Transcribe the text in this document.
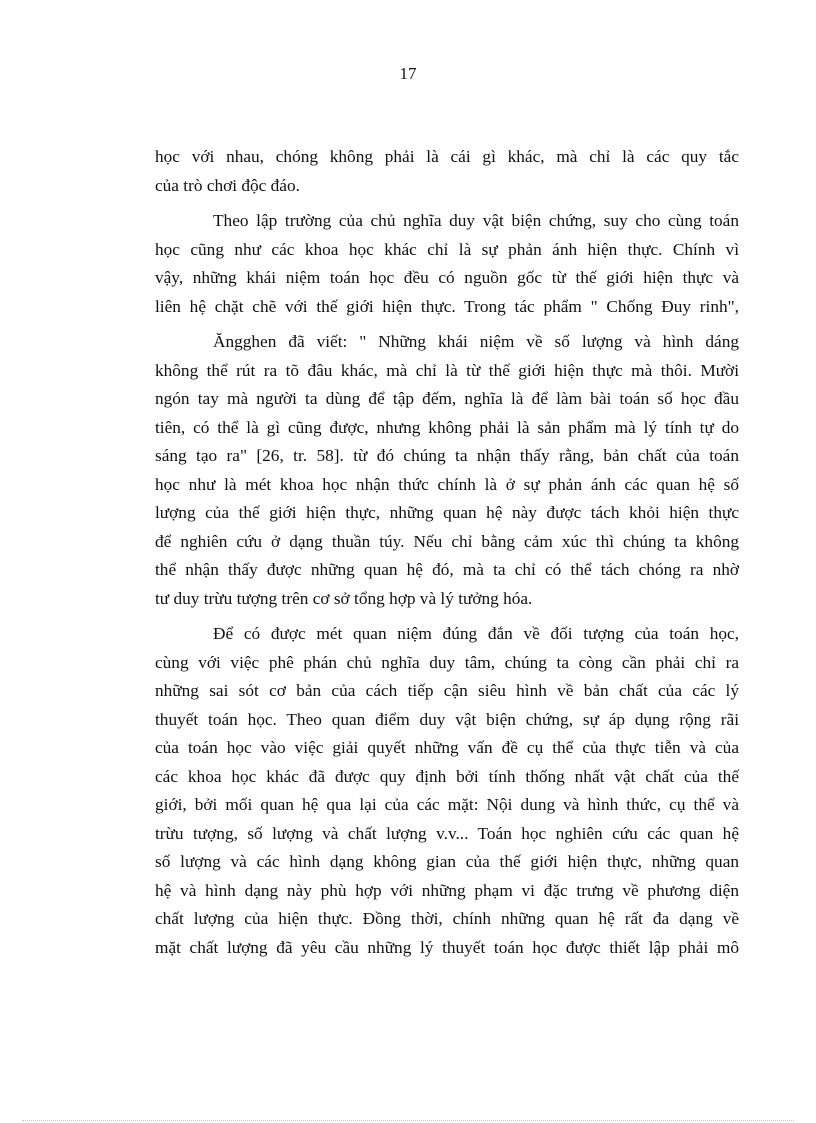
17
học với nhau, chóng không phải là cái gì khác, mà chỉ là các quy tắc
của trò chơi độc đáo.
Theo lập trường của chủ nghĩa duy vật biện chứng, suy cho cùng toán
học cũng như các khoa học khác chỉ là sự phản ánh hiện thực. Chính vì
vậy, những khái niệm toán học đều có nguồn gốc từ thế giới hiện thực và
liên hệ chặt chẽ với thế giới hiện thực. Trong tác phẩm " Chống Đuy rinh",
Ăngghen đã viết: " Những khái niệm về số lượng và hình dáng
không thể rút ra tõ đâu khác, mà chỉ là từ thế giới hiện thực mà thôi. Mười
ngón tay mà người ta dùng để tập đếm, nghĩa là để làm bài toán số học đầu
tiên, có thể là gì cũng được, nhưng không phải là sản phẩm mà lý tính tự do
sáng tạo ra" [26, tr. 58]. từ đó chúng ta nhận thấy rằng, bản chất của toán
học như là mét khoa học nhận thức chính là ở sự phản ánh các quan hệ số
lượng của thế giới hiện thực, những quan hệ này được tách khỏi hiện thực
để nghiên cứu ở dạng thuần túy. Nếu chỉ bằng cảm xúc thì chúng ta không
thể nhận thấy được những quan hệ đó, mà ta chỉ có thể tách chóng ra nhờ
tư duy trừu tượng trên cơ sở tổng hợp và lý tưởng hóa.
Để có được mét quan niệm đúng đắn về đối tượng của toán học,
cùng với việc phê phán chủ nghĩa duy tâm, chúng ta còng cần phải chỉ ra
những sai sót cơ bản của cách tiếp cận siêu hình về bản chất của các lý
thuyết toán học. Theo quan điểm duy vật biện chứng, sự áp dụng rộng rãi
của toán học vào việc giải quyết những vấn đề cụ thể của thực tiễn và của
các khoa học khác đã được quy định bởi tính thống nhất vật chất của thế
giới, bởi mối quan hệ qua lại của các mặt: Nội dung và hình thức, cụ thể và
trừu tượng, số lượng và chất lượng v.v... Toán học nghiên cứu các quan hệ
số lượng và các hình dạng không gian của thế giới hiện thực, những quan
hệ và hình dạng này phù hợp với những phạm vi đặc trưng về phương diện
chất lượng của hiện thực. Đồng thời, chính những quan hệ rất đa dạng về
mặt chất lượng đã yêu cầu những lý thuyết toán học được thiết lập phải mô
